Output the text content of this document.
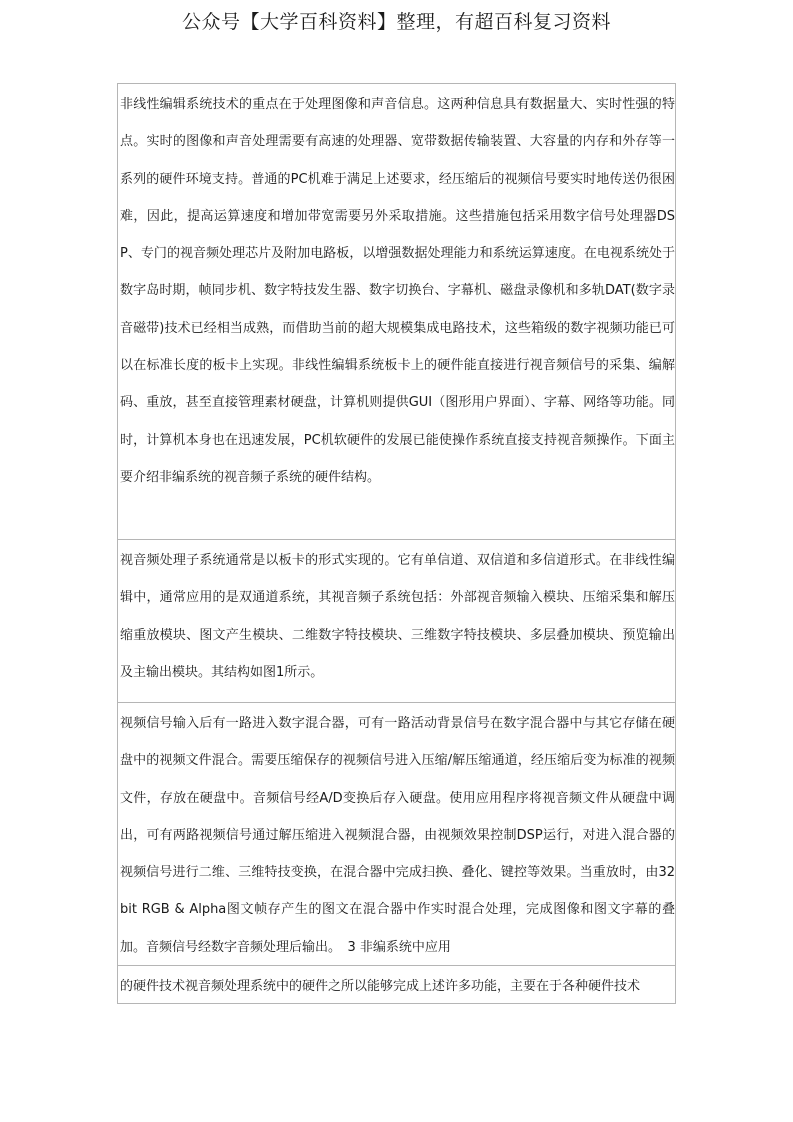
公众号【大学百科资料】整理，有超百科复习资料
非线性编辑系统技术的重点在于处理图像和声音信息。这两种信息具有数据量大、实时性强的特点。实时的图像和声音处理需要有高速的处理器、宽带数据传输装置、大容量的内存和外存等一系列的硬件环境支持。普通的PC机难于满足上述要求，经压缩后的视频信号要实时地传送仍很困难，因此，提高运算速度和增加带宽需要另外采取措施。这些措施包括采用数字信号处理器DSP、专门的视音频处理芯片及附加电路板，以增强数据处理能力和系统运算速度。在电视系统处于数字岛时期，帧同步机、数字特技发生器、数字切换台、字幕机、磁盘录像机和多轨DAT(数字录音磁带)技术已经相当成熟，而借助当前的超大规模集成电路技术，这些箱级的数字视频功能已可以在标准长度的板卡上实现。非线性编辑系统板卡上的硬件能直接进行视音频信号的采集、编解码、重放，甚至直接管理素材硬盘，计算机则提供GUI（图形用户界面）、字幕、网络等功能。同时，计算机本身也在迅速发展，PC机软硬件的发展已能使操作系统直接支持视音频操作。下面主要介绍非编系统的视音频子系统的硬件结构。
视音频处理子系统通常是以板卡的形式实现的。它有单信道、双信道和多信道形式。在非线性编辑中，通常应用的是双通道系统，其视音频子系统包括：外部视音频输入模块、压缩采集和解压缩重放模块、图文产生模块、二维数字特技模块、三维数字特技模块、多层叠加模块、预览输出及主输出模块。其结构如图1所示。
视频信号输入后有一路进入数字混合器，可有一路活动背景信号在数字混合器中与其它存储在硬盘中的视频文件混合。需要压缩保存的视频信号进入压缩/解压缩通道，经压缩后变为标准的视频文件，存放在硬盘中。音频信号经A/D变换后存入硬盘。使用应用程序将视音频文件从硬盘中调出，可有两路视频信号通过解压缩进入视频混合器，由视频效果控制DSP运行，对进入混合器的视频信号进行二维、三维特技变换，在混合器中完成扫换、叠化、键控等效果。当重放时，由32bit RGB & Alpha图文帧存产生的图文在混合器中作实时混合处理，完成图像和图文字幕的叠加。音频信号经数字音频处理后输出。　3 非编系统中应用
的硬件技术视音频处理系统中的硬件之所以能够完成上述许多功能，主要在于各种硬件技术
